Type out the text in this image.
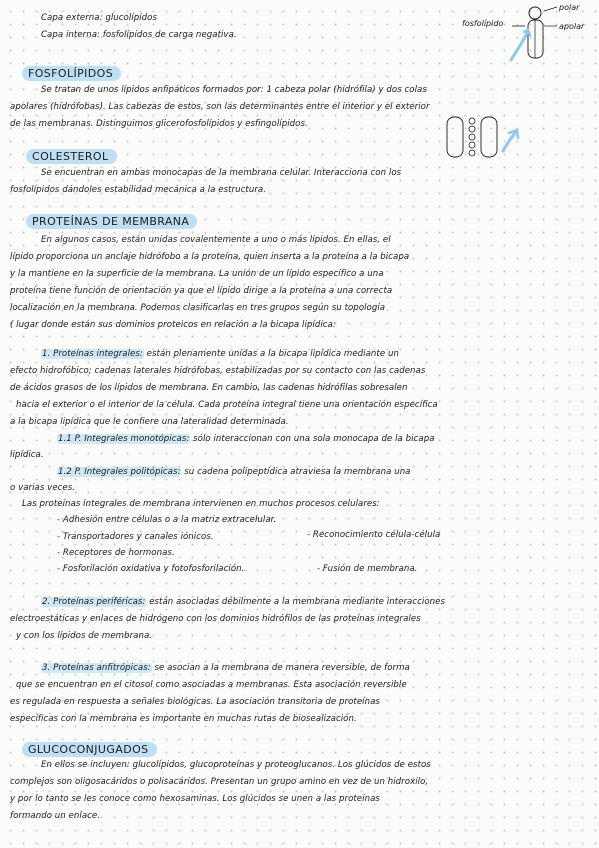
Capa externa: glucolípidos
Capa interna: fosfolípidos de carga negativa.
fosfolípido
polar
apolar
FOSFOLÍPIDOS
Se tratan de unos lípidos anfipáticos formados por: 1 cabeza polar (hidrófila) y dos colas
apolares (hidrófobas). Las cabezas de estos, son las determinantes entre el interior y el exterior
de las membranas. Distinguimos glicerofosfolípidos y esfingolípidos.
COLESTEROL
Se encuentran en ambas monocapas de la membrana celular. Interacciona con los
fosfolípidos dándoles estabilidad mecánica a la estructura.
PROTEÍNAS DE MEMBRANA
En algunos casos, están unidas covalentemente a uno o más lípidos. En ellas, el
lípido proporciona un anclaje hidrófobo a la proteína, quien inserta a la proteína a la bicapa
y la mantiene en la superficie de la membrana. La unión de un lípido específico a una
proteína tiene función de orientación ya que el lípido dirige a la proteína a una correcta
localización en la membrana. Podemos clasificarlas en tres grupos según su topología
( lugar donde están sus dominios proteicos en relación a la bicapa lipídica:
1. Proteínas integrales: están plenamente unidas a la bicapa lipídica mediante un
efecto hidrofóbico; cadenas laterales hidrófobas, estabilizadas por su contacto con las cadenas
de ácidos grasos de los lípidos de membrana. En cambio, las cadenas hidrófilas sobresalen
hacia el exterior o el interior de la célula. Cada proteína integral tiene una orientación específica
a la bicapa lipídica que le confiere una lateralidad determinada.
1.1 P. Integrales monotópicas: sólo interaccionan con una sola monocapa de la bicapa
lipídica.
1.2 P. Integrales politópicas: su cadena polipeptídica atraviesa la membrana una
o varias veces.
Las proteínas integrales de membrana intervienen en muchos procesos celulares:
- Adhesión entre células o a la matriz extracelular.
- Transportadores y canales iónicos.	- Reconocimiento célula-célula
- Receptores de hormonas.
- Fosforilación oxidativa y fotofosforilación.	- Fusión de membrana.
2. Proteínas periféricas: están asociadas débilmente a la membrana mediante interacciones
electroestáticas y enlaces de hidrógeno con los dominios hidrófilos de las proteínas integrales
y con los lípidos de membrana.
3. Proteínas anfitrópicas: se asocian a la membrana de manera reversible, de forma
que se encuentran en el citosol como asociadas a membranas. Esta asociación reversible
es regulada en respuesta a señales biológicas. La asociación transitoria de proteínas
específicas con la membrana es importante en muchas rutas de biosealización.
GLUCOCONJUGADOS
En ellos se incluyen: glucolípidos, glucoproteínas y proteoglucanos. Los glúcidos de estos
complejos son oligosacáridos o polisacáridos. Presentan un grupo amino en vez de un hidroxilo,
y por lo tanto se les conoce como hexosaminas. Los glúcidos se unen a las proteínas
formando un enlace.
